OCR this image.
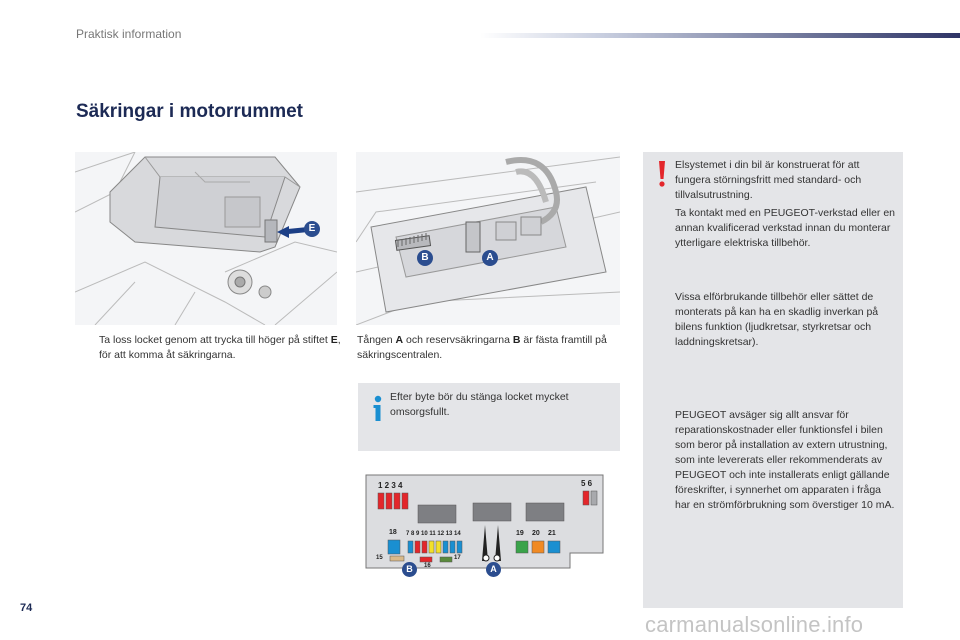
Praktisk information
Säkringar i motorrummet
E
B	A
Ta loss locket genom att trycka till höger på stiftet E, för att komma åt säkringarna.
Tången A och reservsäkringarna B är fästa framtill på säkringscentralen.
Efter byte bör du stänga locket mycket omsorgsfullt.
1 2 3 4	5 6
18 7 8 9 10 11 12 13 14	19 20 21
15
16
17
B	A
Elsystemet i din bil är konstruerat för att fungera störningsfritt med standard- och tillvalsutrustning.
Ta kontakt med en PEUGEOT-verkstad eller en annan kvalificerad verkstad innan du monterar ytterligare elektriska tillbehör.
Vissa elförbrukande tillbehör eller sättet de monterats på kan ha en skadlig inverkan på bilens funktion (ljudkretsar, styrkretsar och laddningskretsar).
PEUGEOT avsäger sig allt ansvar för reparationskostnader eller funktionsfel i bilen som beror på installation av extern utrustning, som inte levererats eller rekommenderats av PEUGEOT och inte installerats enligt gällande föreskrifter, i synnerhet om apparaten i fråga har en strömförbrukning som överstiger 10 mA.
74
carmanualsonline.info
